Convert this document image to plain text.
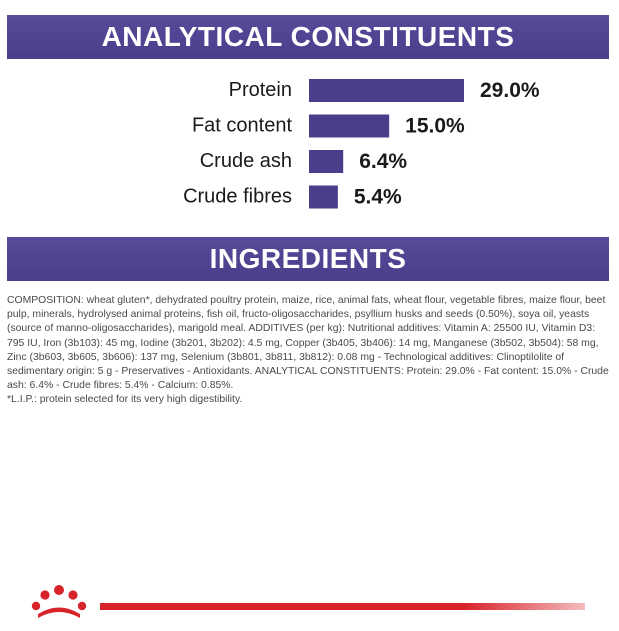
ANALYTICAL CONSTITUENTS
Protein	29.0%
Fat content	15.0%
Crude ash	6.4%
Crude fibres	5.4%
INGREDIENTS

COMPOSITION: wheat gluten*, dehydrated poultry protein, maize, rice, animal fats, wheat flour, vegetable fibres, maize flour, beet pulp, minerals, hydrolysed animal proteins, fish oil, fructo-oligosaccharides, psyllium husks and seeds (0.50%), soya oil, yeasts (source of manno-oligosaccharides), marigold meal. ADDITIVES (per kg): Nutritional additives: Vitamin A: 25500 IU, Vitamin D3: 795 IU, Iron (3b103): 45 mg, Iodine (3b201, 3b202): 4.5 mg, Copper (3b405, 3b406): 14 mg, Manganese (3b502, 3b504): 58 mg, Zinc (3b603, 3b605, 3b606): 137 mg, Selenium (3b801, 3b811, 3b812): 0.08 mg - Technological additives: Clinoptilolite of sedimentary origin: 5 g - Preservatives - Antioxidants. ANALYTICAL CONSTITUENTS: Protein: 29.0% - Fat content: 15.0% - Crude ash: 6.4% - Crude fibres: 5.4% - Calcium: 0.85%.

*L.I.P.: protein selected for its very high digestibility.
